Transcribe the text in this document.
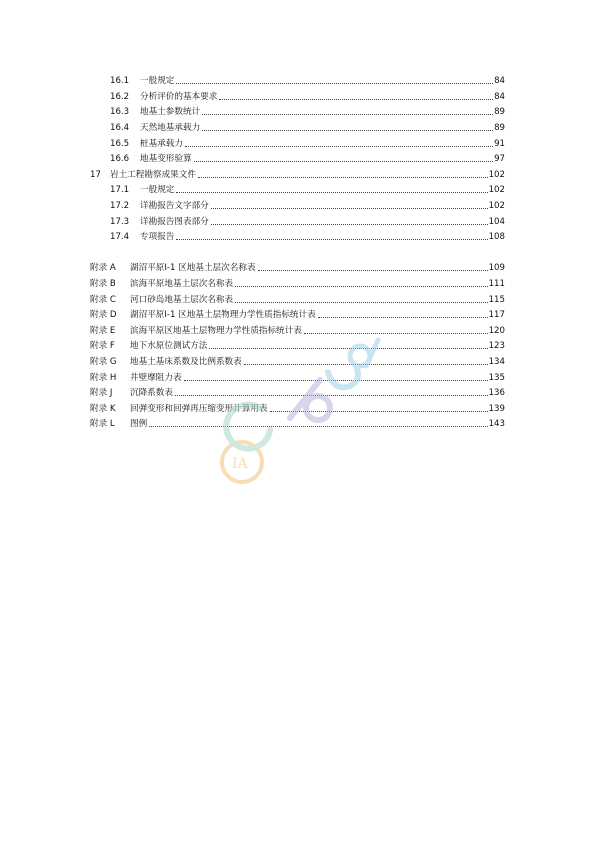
16.1	一般规定	84
16.2	分析评价的基本要求	84
16.3	地基土参数统计	89
16.4	天然地基承载力	89
16.5	桩基承载力	91
16.6	地基变形验算	97
17	岩土工程勘察成果文件	102
17.1	一般规定	102
17.2	详勘报告文字部分	102
17.3	详勘报告图表部分	104
17.4	专项报告	108
附录 A	湖沼平原Ⅰ-1 区地基土层次名称表	109
附录 B	滨海平原地基土层次名称表	111
附录 C	河口砂岛地基土层次名称表	115
附录 D	湖沼平原Ⅰ-1 区地基土层物理力学性质指标统计表	117
附录 E	滨海平原区地基土层物理力学性质指标统计表	120
附录 F	地下水原位测试方法	123
附录 G	地基土基床系数及比例系数表	134
附录 H	井壁摩阻力表	135
附录 J	沉降系数表	136
附录 K	回弹变形和回弹再压缩变形计算用表	139
附录 L	图例	143
IA
